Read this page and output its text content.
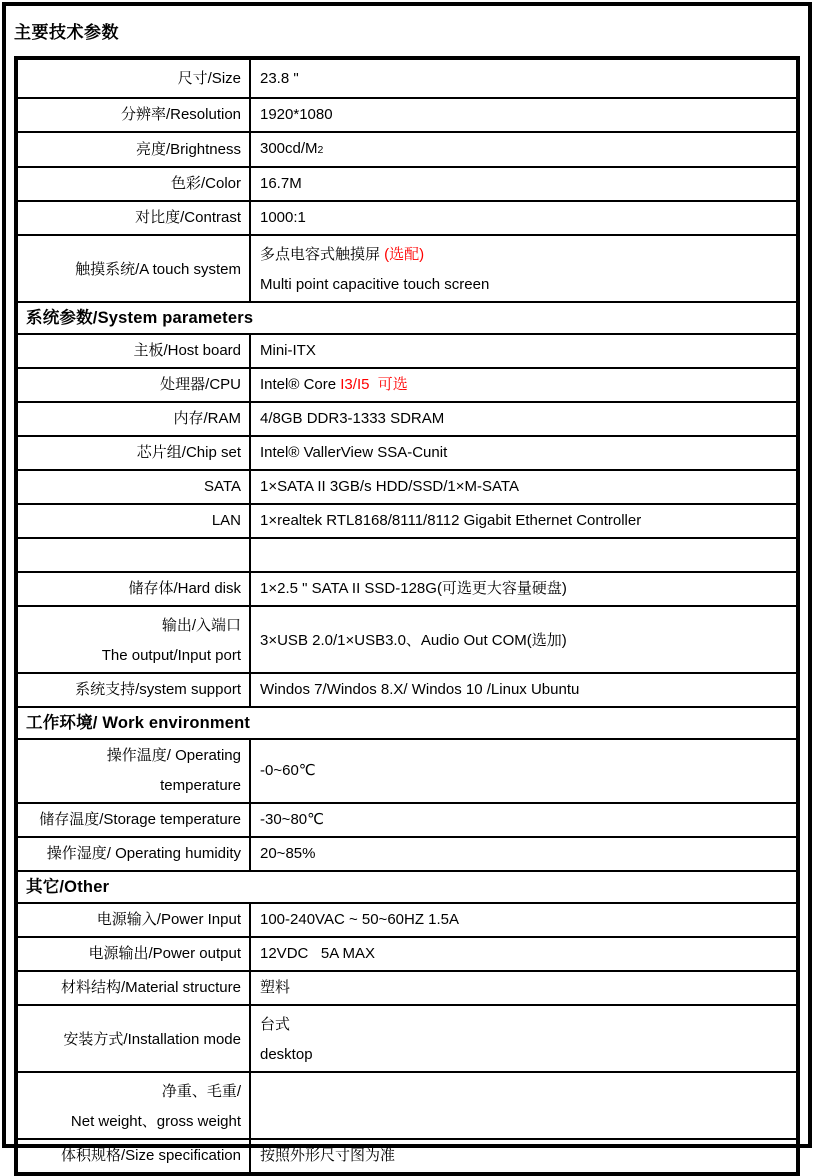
主要技术参数
尺寸/Size	23.8 "

分辨率/Resolution	1920*1080

亮度/Brightness	300cd/M2

色彩/Color	16.7M

对比度/Contrast	1000:1

触摸系统/A touch system	多点电容式触摸屏 (选配)
Multi point capacitive touch screen

系统参数/System parameters	

主板/Host board	Mini-ITX

处理器/CPU	Intel® Core I3/I5  可选

内存/RAM	4/8GB DDR3-1333 SDRAM

芯片组/Chip set	Intel® VallerView SSA-Cunit

SATA	1×SATA II 3GB/s HDD/SSD/1×M-SATA

LAN	1×realtek RTL8168/8111/8112 Gigabit Ethernet Controller

储存体/Hard disk	1×2.5 " SATA II SSD-128G(可选更大容量硬盘)

输出/入端口
The output/Input port	3×USB 2.0/1×USB3.0、Audio Out COM(选加)

系统支持/system support	Windos 7/Windos 8.X/ Windos 10 /Linux Ubuntu

工作环境/ Work environment	

操作温度/ Operating temperature	-0~60℃

储存温度/Storage temperature	-30~80℃

操作湿度/ Operating humidity	20~85%

其它/Other	

电源输入/Power Input	100-240VAC ~ 50~60HZ 1.5A

电源输出/Power output	12VDC   5A MAX

材料结构/Material structure	塑料

安装方式/Installation mode	台式
desktop

净重、毛重/
Net weight、gross weight	

体积规格/Size specification	按照外形尺寸图为准
